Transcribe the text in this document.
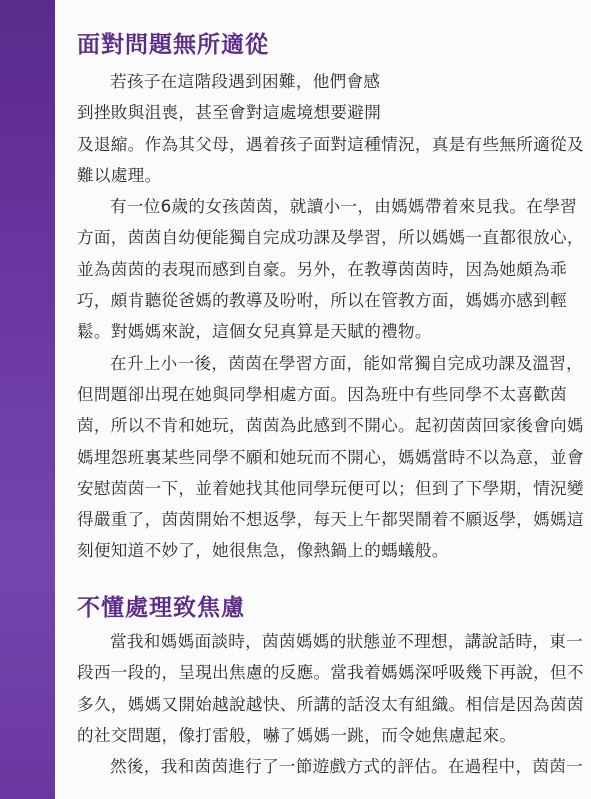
面對問題無所適從

若孩子在這階段遇到困難，他們會感
到挫敗與沮喪，甚至會對這處境想要避開
及退縮。作為其父母，遇着孩子面對這種情況，真是有些無所適從及
難以處理。

有一位6歲的女孩茵茵，就讀小一，由媽媽帶着來見我。在學習
方面，茵茵自幼便能獨自完成功課及學習，所以媽媽一直都很放心，
並為茵茵的表現而感到自豪。另外，在教導茵茵時，因為她頗為乖
巧，頗肯聽從爸媽的教導及吩咐，所以在管教方面，媽媽亦感到輕
鬆。對媽媽來說，這個女兒真算是天賦的禮物。

在升上小一後，茵茵在學習方面，能如常獨自完成功課及溫習，
但問題卻出現在她與同學相處方面。因為班中有些同學不太喜歡茵
茵，所以不肯和她玩，茵茵為此感到不開心。起初茵茵回家後會向媽
媽埋怨班裏某些同學不願和她玩而不開心，媽媽當時不以為意，並會
安慰茵茵一下，並着她找其他同學玩便可以；但到了下學期，情況變
得嚴重了，茵茵開始不想返學，每天上午都哭鬧着不願返學，媽媽這
刻便知道不妙了，她很焦急，像熱鍋上的螞蟻般。

不懂處理致焦慮

當我和媽媽面談時，茵茵媽媽的狀態並不理想，講說話時，東一
段西一段的，呈現出焦慮的反應。當我着媽媽深呼吸幾下再說，但不
多久，媽媽又開始越說越快、所講的話沒太有組織。相信是因為茵茵
的社交問題，像打雷般，嚇了媽媽一跳，而令她焦慮起來。

然後，我和茵茵進行了一節遊戲方式的評估。在過程中，茵茵一
